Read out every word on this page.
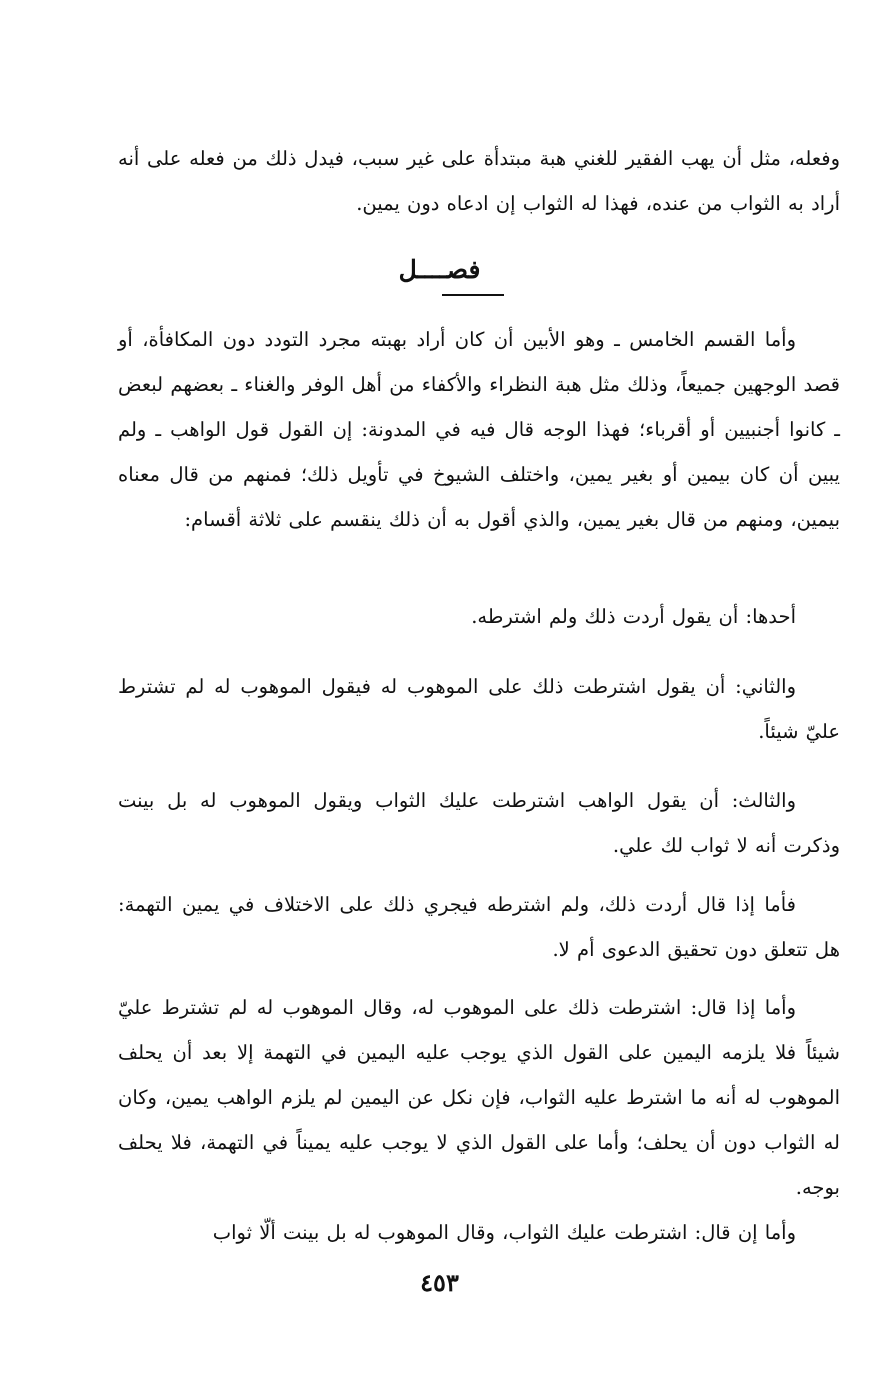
وفعله، مثل أن يهب الفقير للغني هبة مبتدأة على غير سبب، فيدل ذلك من فعله على أنه أراد به الثواب من عنده، فهذا له الثواب إن ادعاه دون يمين.

فصــــل

وأما القسم الخامس ـ وهو الأبين أن كان أراد بهبته مجرد التودد دون المكافأة، أو قصد الوجهين جميعاً، وذلك مثل هبة النظراء والأكفاء من أهل الوفر والغناء ـ بعضهم لبعض ـ كانوا أجنبيين أو أقرباء؛ فهذا الوجه قال فيه في المدونة: إن القول قول الواهب ـ ولم يبين أن كان بيمين أو بغير يمين، واختلف الشيوخ في تأويل ذلك؛ فمنهم من قال معناه بيمين، ومنهم من قال بغير يمين، والذي أقول به أن ذلك ينقسم على ثلاثة أقسام:

أحدها: أن يقول أردت ذلك ولم اشترطه.

والثاني: أن يقول اشترطت ذلك على الموهوب له فيقول الموهوب له لم تشترط عليّ شيئاً.

والثالث: أن يقول الواهب اشترطت عليك الثواب ويقول الموهوب له بل بينت وذكرت أنه لا ثواب لك علي.

فأما إذا قال أردت ذلك، ولم اشترطه فيجري ذلك على الاختلاف في يمين التهمة: هل تتعلق دون تحقيق الدعوى أم لا.

وأما إذا قال: اشترطت ذلك على الموهوب له، وقال الموهوب له لم تشترط عليّ شيئاً فلا يلزمه اليمين على القول الذي يوجب عليه اليمين في التهمة إلا بعد أن يحلف الموهوب له أنه ما اشترط عليه الثواب، فإن نكل عن اليمين لم يلزم الواهب يمين، وكان له الثواب دون أن يحلف؛ وأما على القول الذي لا يوجب عليه يميناً في التهمة، فلا يحلف بوجه.

وأما إن قال: اشترطت عليك الثواب، وقال الموهوب له بل بينت ألّا ثواب

٤٥٣
